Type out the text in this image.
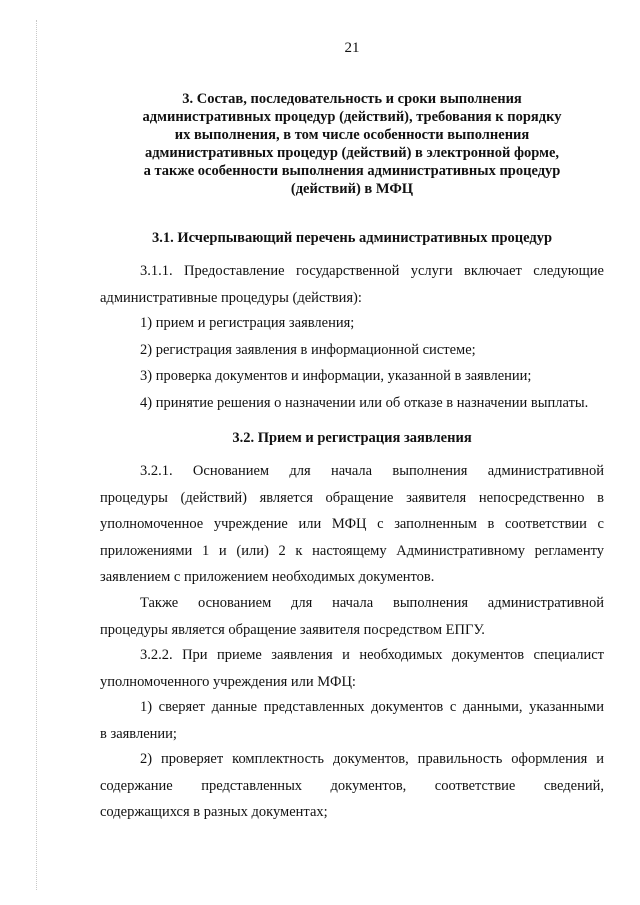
21
3. Состав, последовательность и сроки выполнения
административных процедур (действий), требования к порядку
их выполнения, в том числе особенности выполнения
административных процедур (действий) в электронной форме,
а также особенности выполнения административных процедур
(действий) в МФЦ
3.1. Исчерпывающий перечень административных процедур
3.1.1. Предоставление государственной услуги включает следующие
административные процедуры (действия):
1) прием и регистрация заявления;
2) регистрация заявления в информационной системе;
3) проверка документов и информации, указанной в заявлении;
4) принятие решения о назначении или об отказе в назначении выплаты.
3.2. Прием и регистрация заявления
3.2.1. Основанием для начала выполнения административной
процедуры (действий) является обращение заявителя непосредственно в
уполномоченное учреждение или МФЦ с заполненным в соответствии с
приложениями 1 и (или) 2 к настоящему Административному регламенту
заявлением с приложением необходимых документов.
Также основанием для начала выполнения административной
процедуры является обращение заявителя посредством ЕПГУ.
3.2.2. При приеме заявления и необходимых документов специалист
уполномоченного учреждения или МФЦ:
1) сверяет данные представленных документов с данными, указанными
в заявлении;
2) проверяет комплектность документов, правильность оформления и
содержание представленных документов, соответствие сведений,
содержащихся в разных документах;
